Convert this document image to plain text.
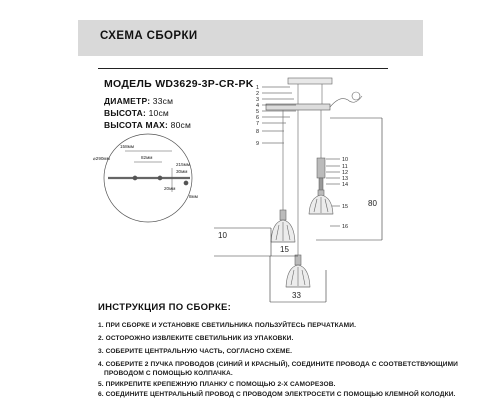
СХЕМА СБОРКИ
МОДЕЛЬ WD3629-3P-CR-PK
ДИАМЕТР: 33см
ВЫСОТА: 10см
ВЫСОТА MAX: 80см
158мм
82мм
⌀290мм
215мм
30мм
20мм
8мм
1
2
3
4
5
6
7
8
9
10
11
12
13
14
15
16
80
10
15
33
ИНСТРУКЦИЯ ПО СБОРКЕ:
1. ПРИ СБОРКЕ И УСТАНОВКЕ СВЕТИЛЬНИКА ПОЛЬЗУЙТЕСЬ ПЕРЧАТКАМИ.
2. ОСТОРОЖНО ИЗВЛЕКИТЕ СВЕТИЛЬНИК ИЗ УПАКОВКИ.
3. СОБЕРИТЕ ЦЕНТРАЛЬНУЮ ЧАСТЬ, СОГЛАСНО СХЕМЕ.
4. СОБЕРИТЕ 2 ПУЧКА ПРОВОДОВ (СИНИЙ И КРАСНЫЙ), СОЕДИНИТЕ ПРОВОДА С СООТВЕТСТВУЮЩИМИ
ПРОВОДОМ С ПОМОЩЬЮ КОЛПАЧКА.
5. ПРИКРЕПИТЕ КРЕПЕЖНУЮ ПЛАНКУ С ПОМОЩЬЮ 2-Х САМОРЕЗОВ.
6. СОЕДИНИТЕ ЦЕНТРАЛЬНЫЙ ПРОВОД С ПРОВОДОМ ЭЛЕКТРОСЕТИ С ПОМОЩЬЮ КЛЕМНОЙ КОЛОДКИ.
